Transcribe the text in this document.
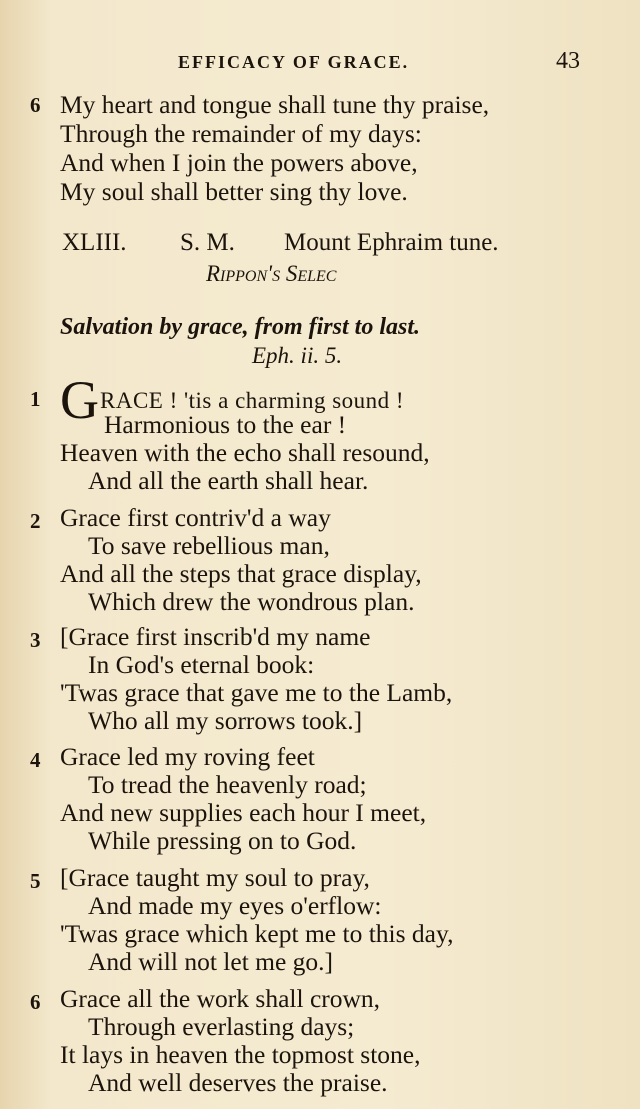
EFFICACY OF GRACE.	43
6 My heart and tongue shall tune thy praise,
Through the remainder of my days:
And when I join the powers above,
My soul shall better sing thy love.
XLIII. S. M. Mount Ephraim tune.
Rippon's Selec
Salvation by grace, from first to last.
Eph. ii. 5.
1 GRACE ! 'tis a charming sound !
Harmonious to the ear !
Heaven with the echo shall resound,
And all the earth shall hear.
2 Grace first contriv'd a way
To save rebellious man,
And all the steps that grace display,
Which drew the wondrous plan.
3 [Grace first inscrib'd my name
In God's eternal book:
'Twas grace that gave me to the Lamb,
Who all my sorrows took.]
4 Grace led my roving feet
To tread the heavenly road;
And new supplies each hour I meet,
While pressing on to God.
5 [Grace taught my soul to pray,
And made my eyes o'erflow:
'Twas grace which kept me to this day,
And will not let me go.]
6 Grace all the work shall crown,
Through everlasting days;
It lays in heaven the topmost stone,
And well deserves the praise.
